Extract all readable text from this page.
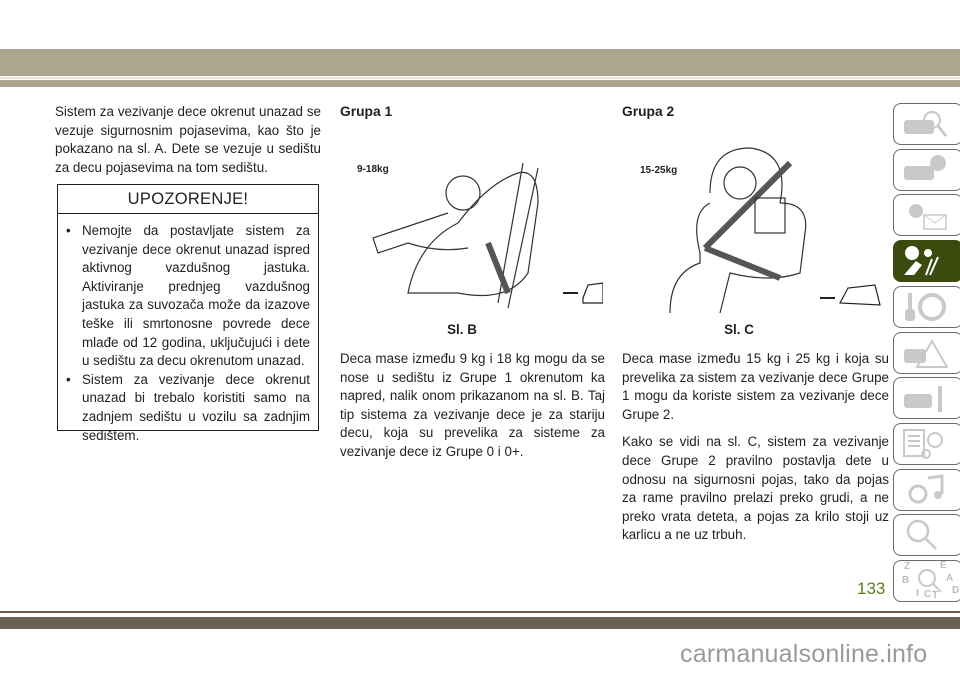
Sistem za vezivanje dece okrenut unazad se vezuje sigurnosnim pojasevima, kao što je pokazano na sl. A. Dete se vezuje u sedištu za decu pojasevima na tom sedištu.

UPOZORENJE!
• Nemojte da postavljate sistem za vezivanje dece okrenut unazad ispred aktivnog vazdušnog jastuka. Aktiviranje prednjeg vazdušnog jastuka za suvozača može da izazove teške ili smrtonosne povrede dece mlađe od 12 godina, uključujući i dete u sedištu za decu okrenutom unazad.
• Sistem za vezivanje dece okrenut unazad bi trebalo koristiti samo na zadnjem sedištu u vozilu sa zadnjim sedištem.
Grupa 1
9-18kg
Sl. B

Deca mase između 9 kg i 18 kg mogu da se nose u sedištu iz Grupe 1 okrenutom ka napred, nalik onom prikazanom na sl. B. Taj tip sistema za vezivanje dece je za stariju decu, koja su prevelika za sisteme za vezivanje dece iz Grupe 0 i 0+.

Grupa 2
15-25kg
Sl. C

Deca mase između 15 kg i 25 kg i koja su prevelika za sistem za vezivanje dece Grupe 1 mogu da koriste sistem za vezivanje dece Grupe 2.

Kako se vidi na sl. C, sistem za vezivanje dece Grupe 2 pravilno postavlja dete u odnosu na sigurnosni pojas, tako da pojas za rame pravilno prelazi preko grudi, a ne preko vrata deteta, a pojas za krilo stoji uz karlicu a ne uz trbuh.

Z	E
B	A
C T
I	D
133
carmanualsonline.info
